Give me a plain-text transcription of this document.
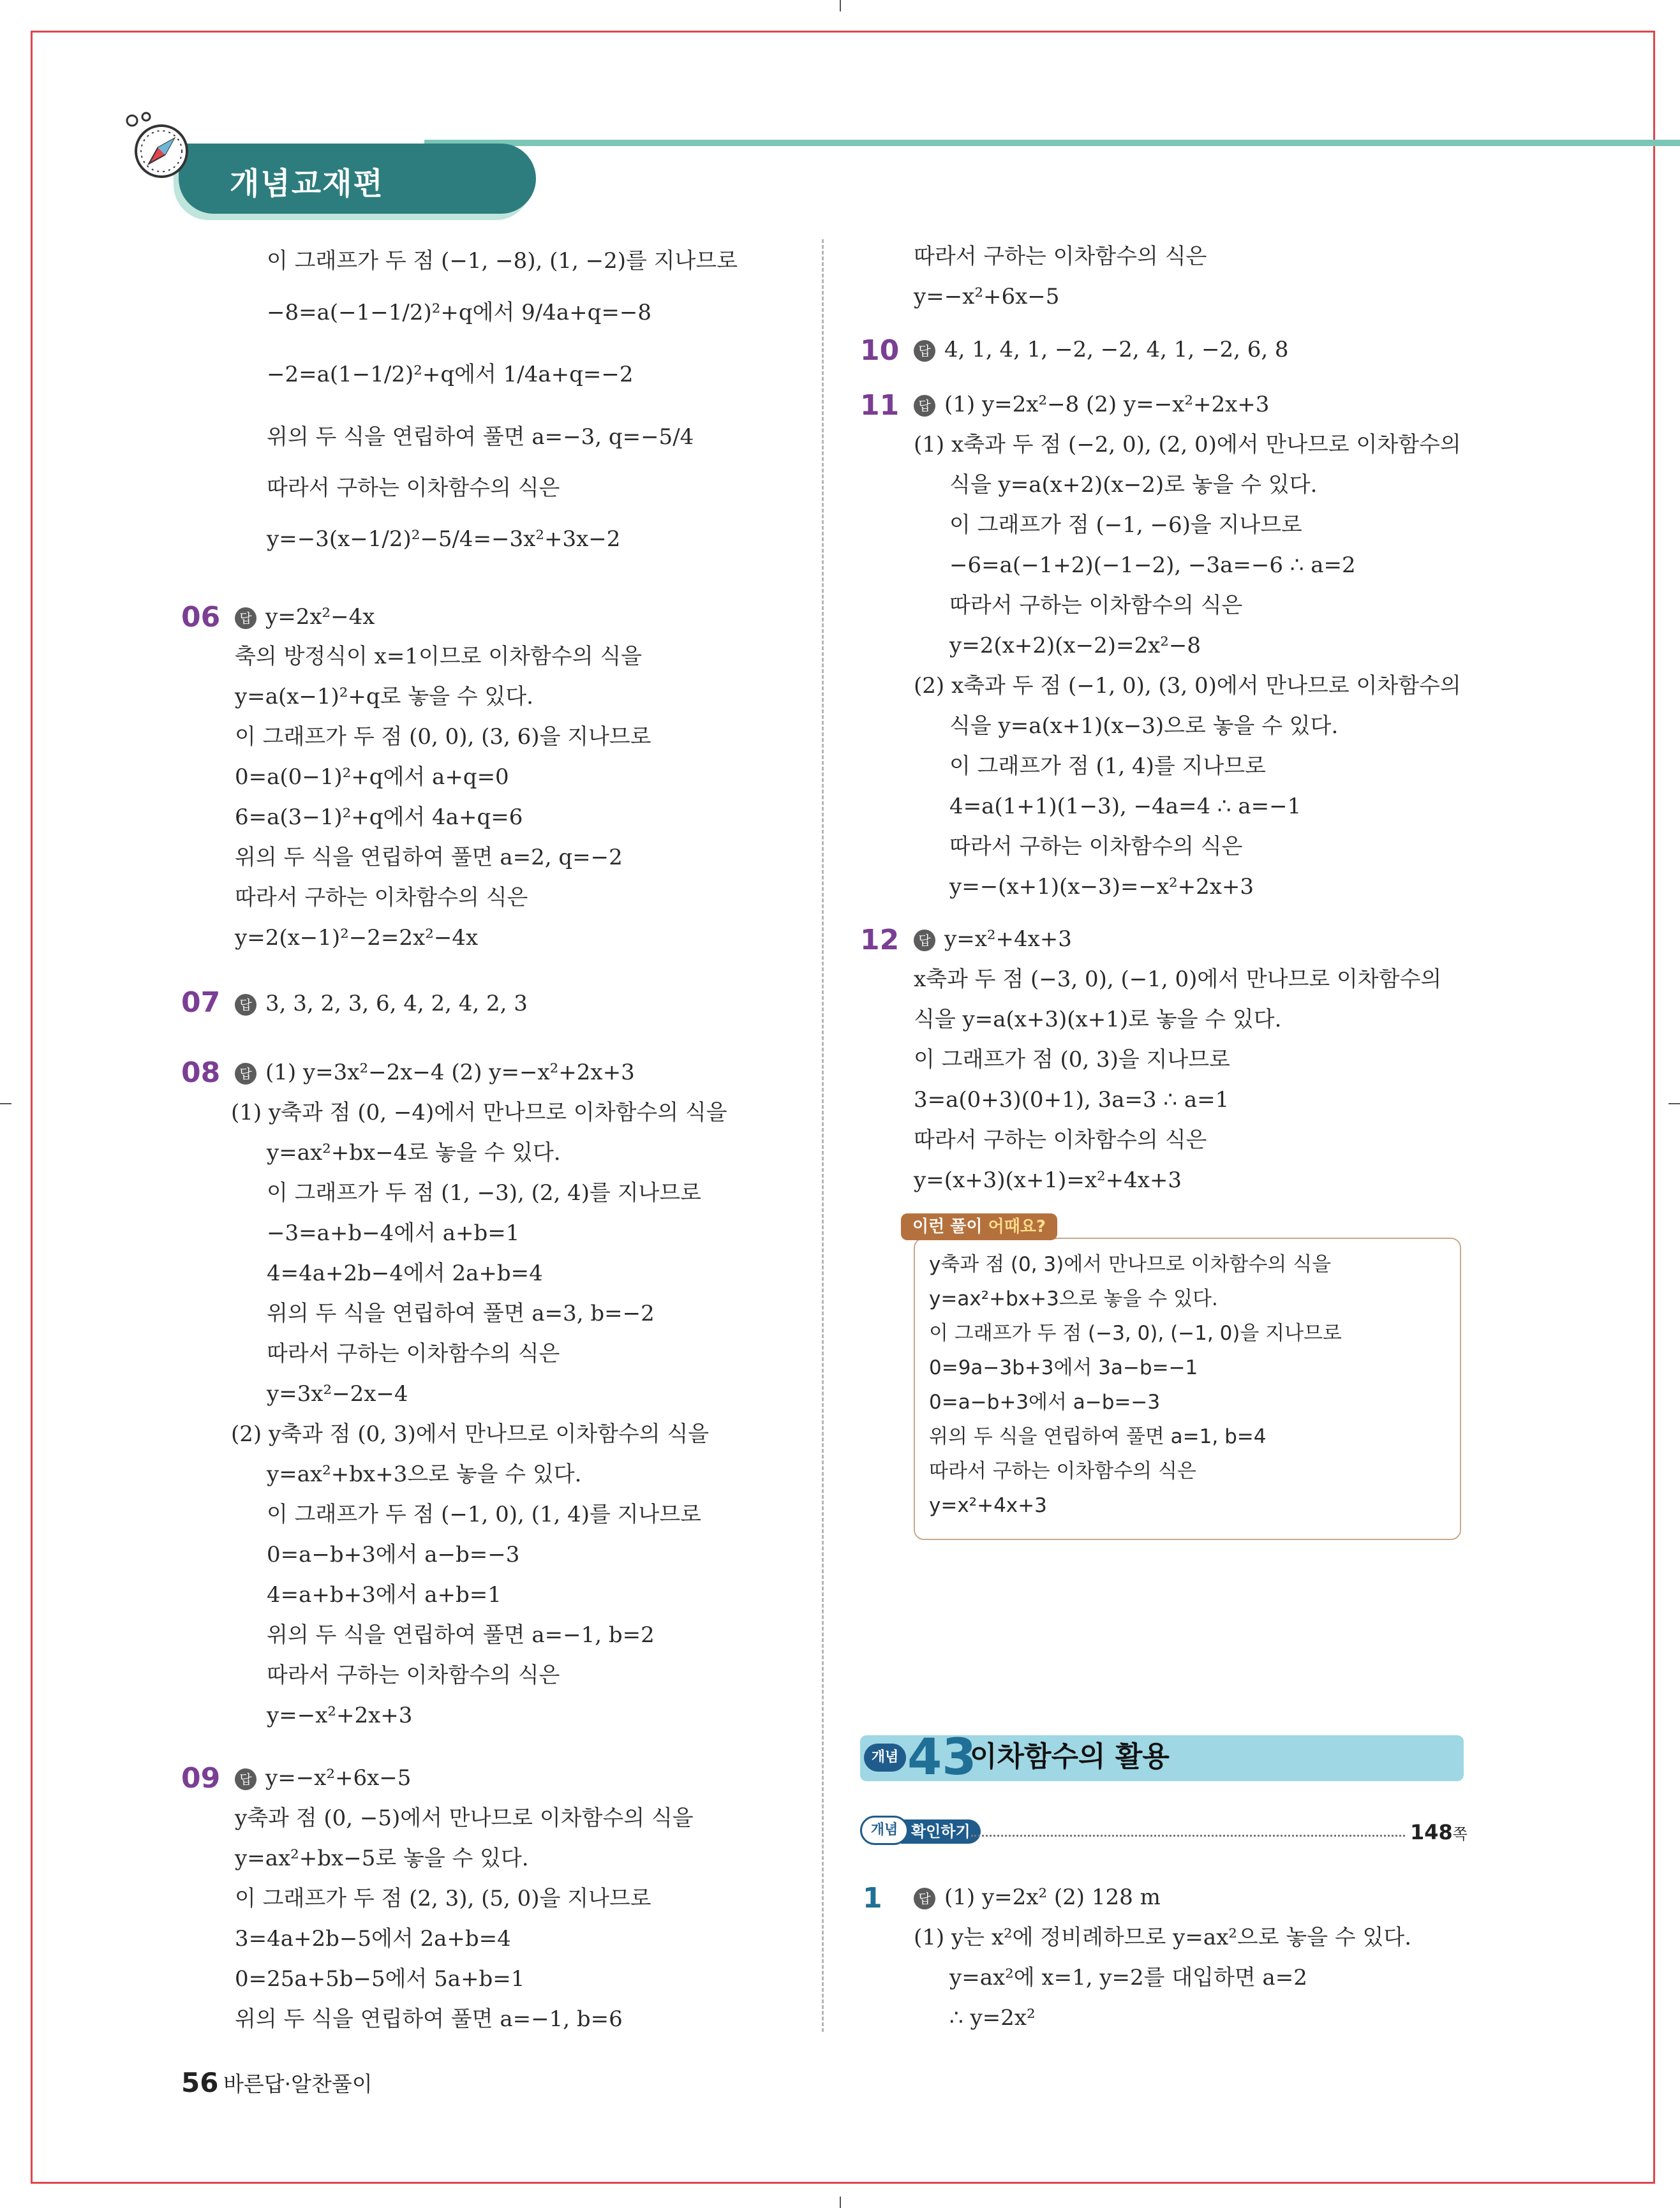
개념교재편
이 그래프가 두 점 (−1, −8), (1, −2)를 지나므로
−8=a(−1−1/2)²+q에서 9/4a+q=−8
−2=a(1−1/2)²+q에서 1/4a+q=−2
위의 두 식을 연립하여 풀면 a=−3, q=−5/4
따라서 구하는 이차함수의 식은
y=−3(x−1/2)²−5/4=−3x²+3x−2
06	답 y=2x²−4x
축의 방정식이 x=1이므로 이차함수의 식을
y=a(x−1)²+q로 놓을 수 있다.
이 그래프가 두 점 (0, 0), (3, 6)을 지나므로
0=a(0−1)²+q에서 a+q=0
6=a(3−1)²+q에서 4a+q=6
위의 두 식을 연립하여 풀면 a=2, q=−2
따라서 구하는 이차함수의 식은
y=2(x−1)²−2=2x²−4x
07	답 3, 3, 2, 3, 6, 4, 2, 4, 2, 3
08	답 (1) y=3x²−2x−4 (2) y=−x²+2x+3
(1) y축과 점 (0, −4)에서 만나므로 이차함수의 식을
y=ax²+bx−4로 놓을 수 있다.
이 그래프가 두 점 (1, −3), (2, 4)를 지나므로
−3=a+b−4에서 a+b=1
4=4a+2b−4에서 2a+b=4
위의 두 식을 연립하여 풀면 a=3, b=−2
따라서 구하는 이차함수의 식은
y=3x²−2x−4
(2) y축과 점 (0, 3)에서 만나므로 이차함수의 식을
y=ax²+bx+3으로 놓을 수 있다.
이 그래프가 두 점 (−1, 0), (1, 4)를 지나므로
0=a−b+3에서 a−b=−3
4=a+b+3에서 a+b=1
위의 두 식을 연립하여 풀면 a=−1, b=2
따라서 구하는 이차함수의 식은
y=−x²+2x+3
09	답 y=−x²+6x−5
y축과 점 (0, −5)에서 만나므로 이차함수의 식을
y=ax²+bx−5로 놓을 수 있다.
이 그래프가 두 점 (2, 3), (5, 0)을 지나므로
3=4a+2b−5에서 2a+b=4
0=25a+5b−5에서 5a+b=1
위의 두 식을 연립하여 풀면 a=−1, b=6
따라서 구하는 이차함수의 식은
y=−x²+6x−5
10	답 4, 1, 4, 1, −2, −2, 4, 1, −2, 6, 8
11	답 (1) y=2x²−8 (2) y=−x²+2x+3
(1) x축과 두 점 (−2, 0), (2, 0)에서 만나므로 이차함수의
식을 y=a(x+2)(x−2)로 놓을 수 있다.
이 그래프가 점 (−1, −6)을 지나므로
−6=a(−1+2)(−1−2), −3a=−6 ∴ a=2
따라서 구하는 이차함수의 식은
y=2(x+2)(x−2)=2x²−8
(2) x축과 두 점 (−1, 0), (3, 0)에서 만나므로 이차함수의
식을 y=a(x+1)(x−3)으로 놓을 수 있다.
이 그래프가 점 (1, 4)를 지나므로
4=a(1+1)(1−3), −4a=4 ∴ a=−1
따라서 구하는 이차함수의 식은
y=−(x+1)(x−3)=−x²+2x+3
12	답 y=x²+4x+3
x축과 두 점 (−3, 0), (−1, 0)에서 만나므로 이차함수의
식을 y=a(x+3)(x+1)로 놓을 수 있다.
이 그래프가 점 (0, 3)을 지나므로
3=a(0+3)(0+1), 3a=3 ∴ a=1
따라서 구하는 이차함수의 식은
y=(x+3)(x+1)=x²+4x+3
이런 풀이 어때요?
y축과 점 (0, 3)에서 만나므로 이차함수의 식을
y=ax²+bx+3으로 놓을 수 있다.
이 그래프가 두 점 (−3, 0), (−1, 0)을 지나므로
0=9a−3b+3에서 3a−b=−1
0=a−b+3에서 a−b=−3
위의 두 식을 연립하여 풀면 a=1, b=4
따라서 구하는 이차함수의 식은
y=x²+4x+3
개념 43
이차함수의 활용
확인하기
개념	148쪽
1	답 (1) y=2x² (2) 128 m
(1) y는 x²에 정비례하므로 y=ax²으로 놓을 수 있다.
y=ax²에 x=1, y=2를 대입하면 a=2
∴ y=2x²
56 바른답·알찬풀이
